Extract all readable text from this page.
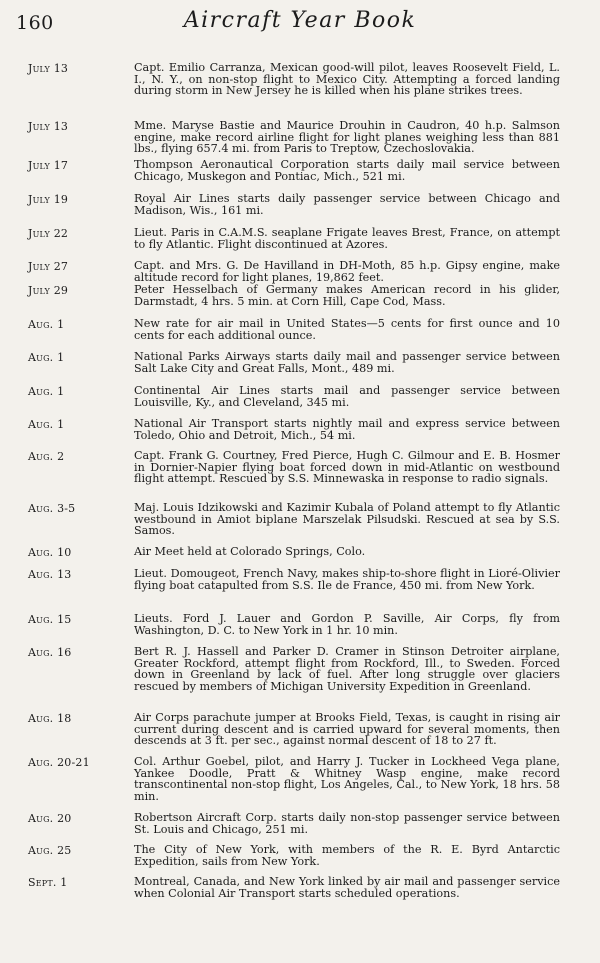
160	Aircraft Year Book
July 13	Capt. Emilio Carranza, Mexican good-will pilot, leaves Roosevelt Field, L. I., N. Y., on non-stop flight to Mexico City. Attempting a forced landing during storm in New Jersey he is killed when his plane strikes trees.
July 13	Mme. Maryse Bastie and Maurice Drouhin in Caudron, 40 h.p. Salmson engine, make record airline flight for light planes weighing less than 881 lbs., flying 657.4 mi. from Paris to Treptow, Czechoslovakia.
July 17	Thompson Aeronautical Corporation starts daily mail service between Chicago, Muskegon and Pontiac, Mich., 521 mi.
July 19	Royal Air Lines starts daily passenger service between Chicago and Madison, Wis., 161 mi.
July 22	Lieut. Paris in C.A.M.S. seaplane Frigate leaves Brest, France, on attempt to fly Atlantic. Flight discontinued at Azores.
July 27	Capt. and Mrs. G. De Havilland in DH-Moth, 85 h.p. Gipsy engine, make altitude record for light planes, 19,862 feet.
July 29	Peter Hesselbach of Germany makes American record in his glider, Darmstadt, 4 hrs. 5 min. at Corn Hill, Cape Cod, Mass.
Aug. 1	New rate for air mail in United States—5 cents for first ounce and 10 cents for each additional ounce.
Aug. 1	National Parks Airways starts daily mail and passenger service between Salt Lake City and Great Falls, Mont., 489 mi.
Aug. 1	Continental Air Lines starts mail and passenger service between Louisville, Ky., and Cleveland, 345 mi.
Aug. 1	National Air Transport starts nightly mail and express service between Toledo, Ohio and Detroit, Mich., 54 mi.
Aug. 2	Capt. Frank G. Courtney, Fred Pierce, Hugh C. Gilmour and E. B. Hosmer in Dornier-Napier flying boat forced down in mid-Atlantic on westbound flight attempt. Rescued by S.S. Minnewaska in response to radio signals.
Aug. 3-5	Maj. Louis Idzikowski and Kazimir Kubala of Poland attempt to fly Atlantic westbound in Amiot biplane Marszelak Pilsudski. Rescued at sea by S.S. Samos.
Aug. 10	Air Meet held at Colorado Springs, Colo.
Aug. 13	Lieut. Domougeot, French Navy, makes ship-to-shore flight in Lioré-Olivier flying boat catapulted from S.S. Ile de France, 450 mi. from New York.
Aug. 15	Lieuts. Ford J. Lauer and Gordon P. Saville, Air Corps, fly from Washington, D. C. to New York in 1 hr. 10 min.
Aug. 16	Bert R. J. Hassell and Parker D. Cramer in Stinson Detroiter airplane, Greater Rockford, attempt flight from Rockford, Ill., to Sweden. Forced down in Greenland by lack of fuel. After long struggle over glaciers rescued by members of Michigan University Expedition in Greenland.
Aug. 18	Air Corps parachute jumper at Brooks Field, Texas, is caught in rising air current during descent and is carried upward for several moments, then descends at 3 ft. per sec., against normal descent of 18 to 27 ft.
Aug. 20-21	Col. Arthur Goebel, pilot, and Harry J. Tucker in Lockheed Vega plane, Yankee Doodle, Pratt & Whitney Wasp engine, make record transcontinental non-stop flight, Los Angeles, Cal., to New York, 18 hrs. 58 min.
Aug. 20	Robertson Aircraft Corp. starts daily non-stop passenger service between St. Louis and Chicago, 251 mi.
Aug. 25	The City of New York, with members of the R. E. Byrd Antarctic Expedition, sails from New York.
Sept. 1	Montreal, Canada, and New York linked by air mail and passenger service when Colonial Air Transport starts scheduled operations.
